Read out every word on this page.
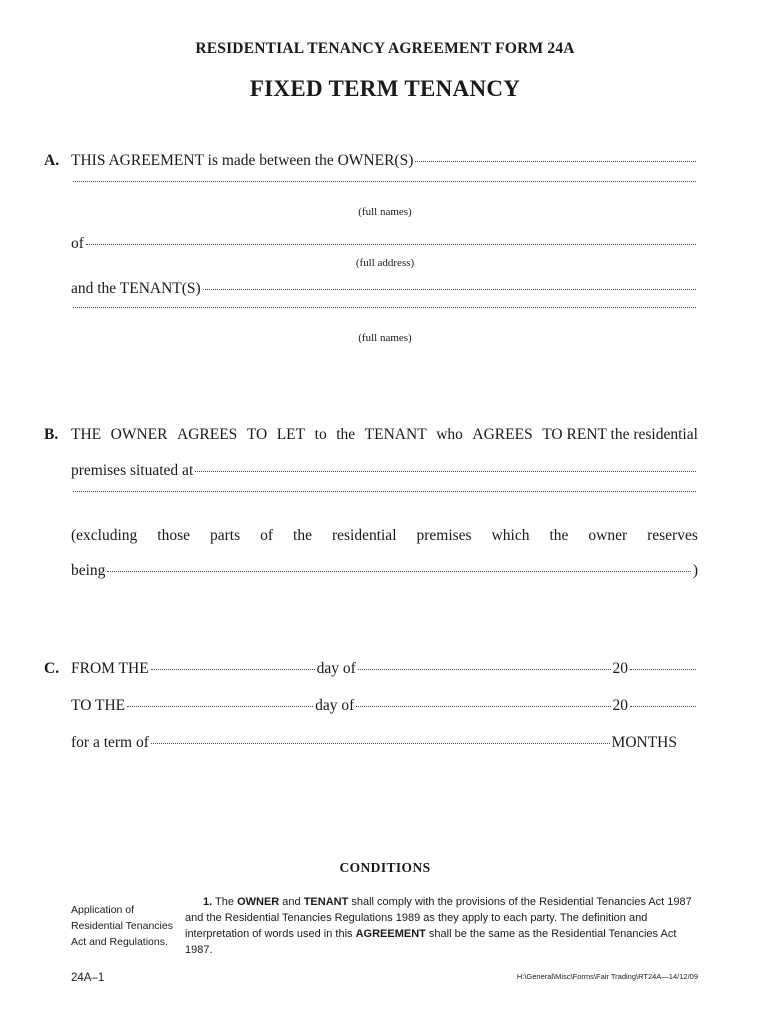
RESIDENTIAL TENANCY AGREEMENT FORM 24A
FIXED TERM TENANCY
A. THIS AGREEMENT is made between the OWNER(S)
(full names)
of
(full address)
and the TENANT(S)
(full names)
B. THE OWNER AGREES TO LET to the TENANT who AGREES TO RENT the residential
premises situated at
(excluding those parts of the residential premises which the owner reserves
being	)
C. FROM THE	day of	20
TO THE	day of	20
for a term of	MONTHS
CONDITIONS
Application of
Residential Tenancies
Act and Regulations.
1. The OWNER and TENANT shall comply with the provisions of the Residential Tenancies Act 1987 and the Residential Tenancies Regulations 1989 as they apply to each party. The definition and interpretation of words used in this AGREEMENT shall be the same as the Residential Tenancies Act 1987.
24A–1	H:\General\Misc\Forms\Fair Trading\RT24A—14/12/09
